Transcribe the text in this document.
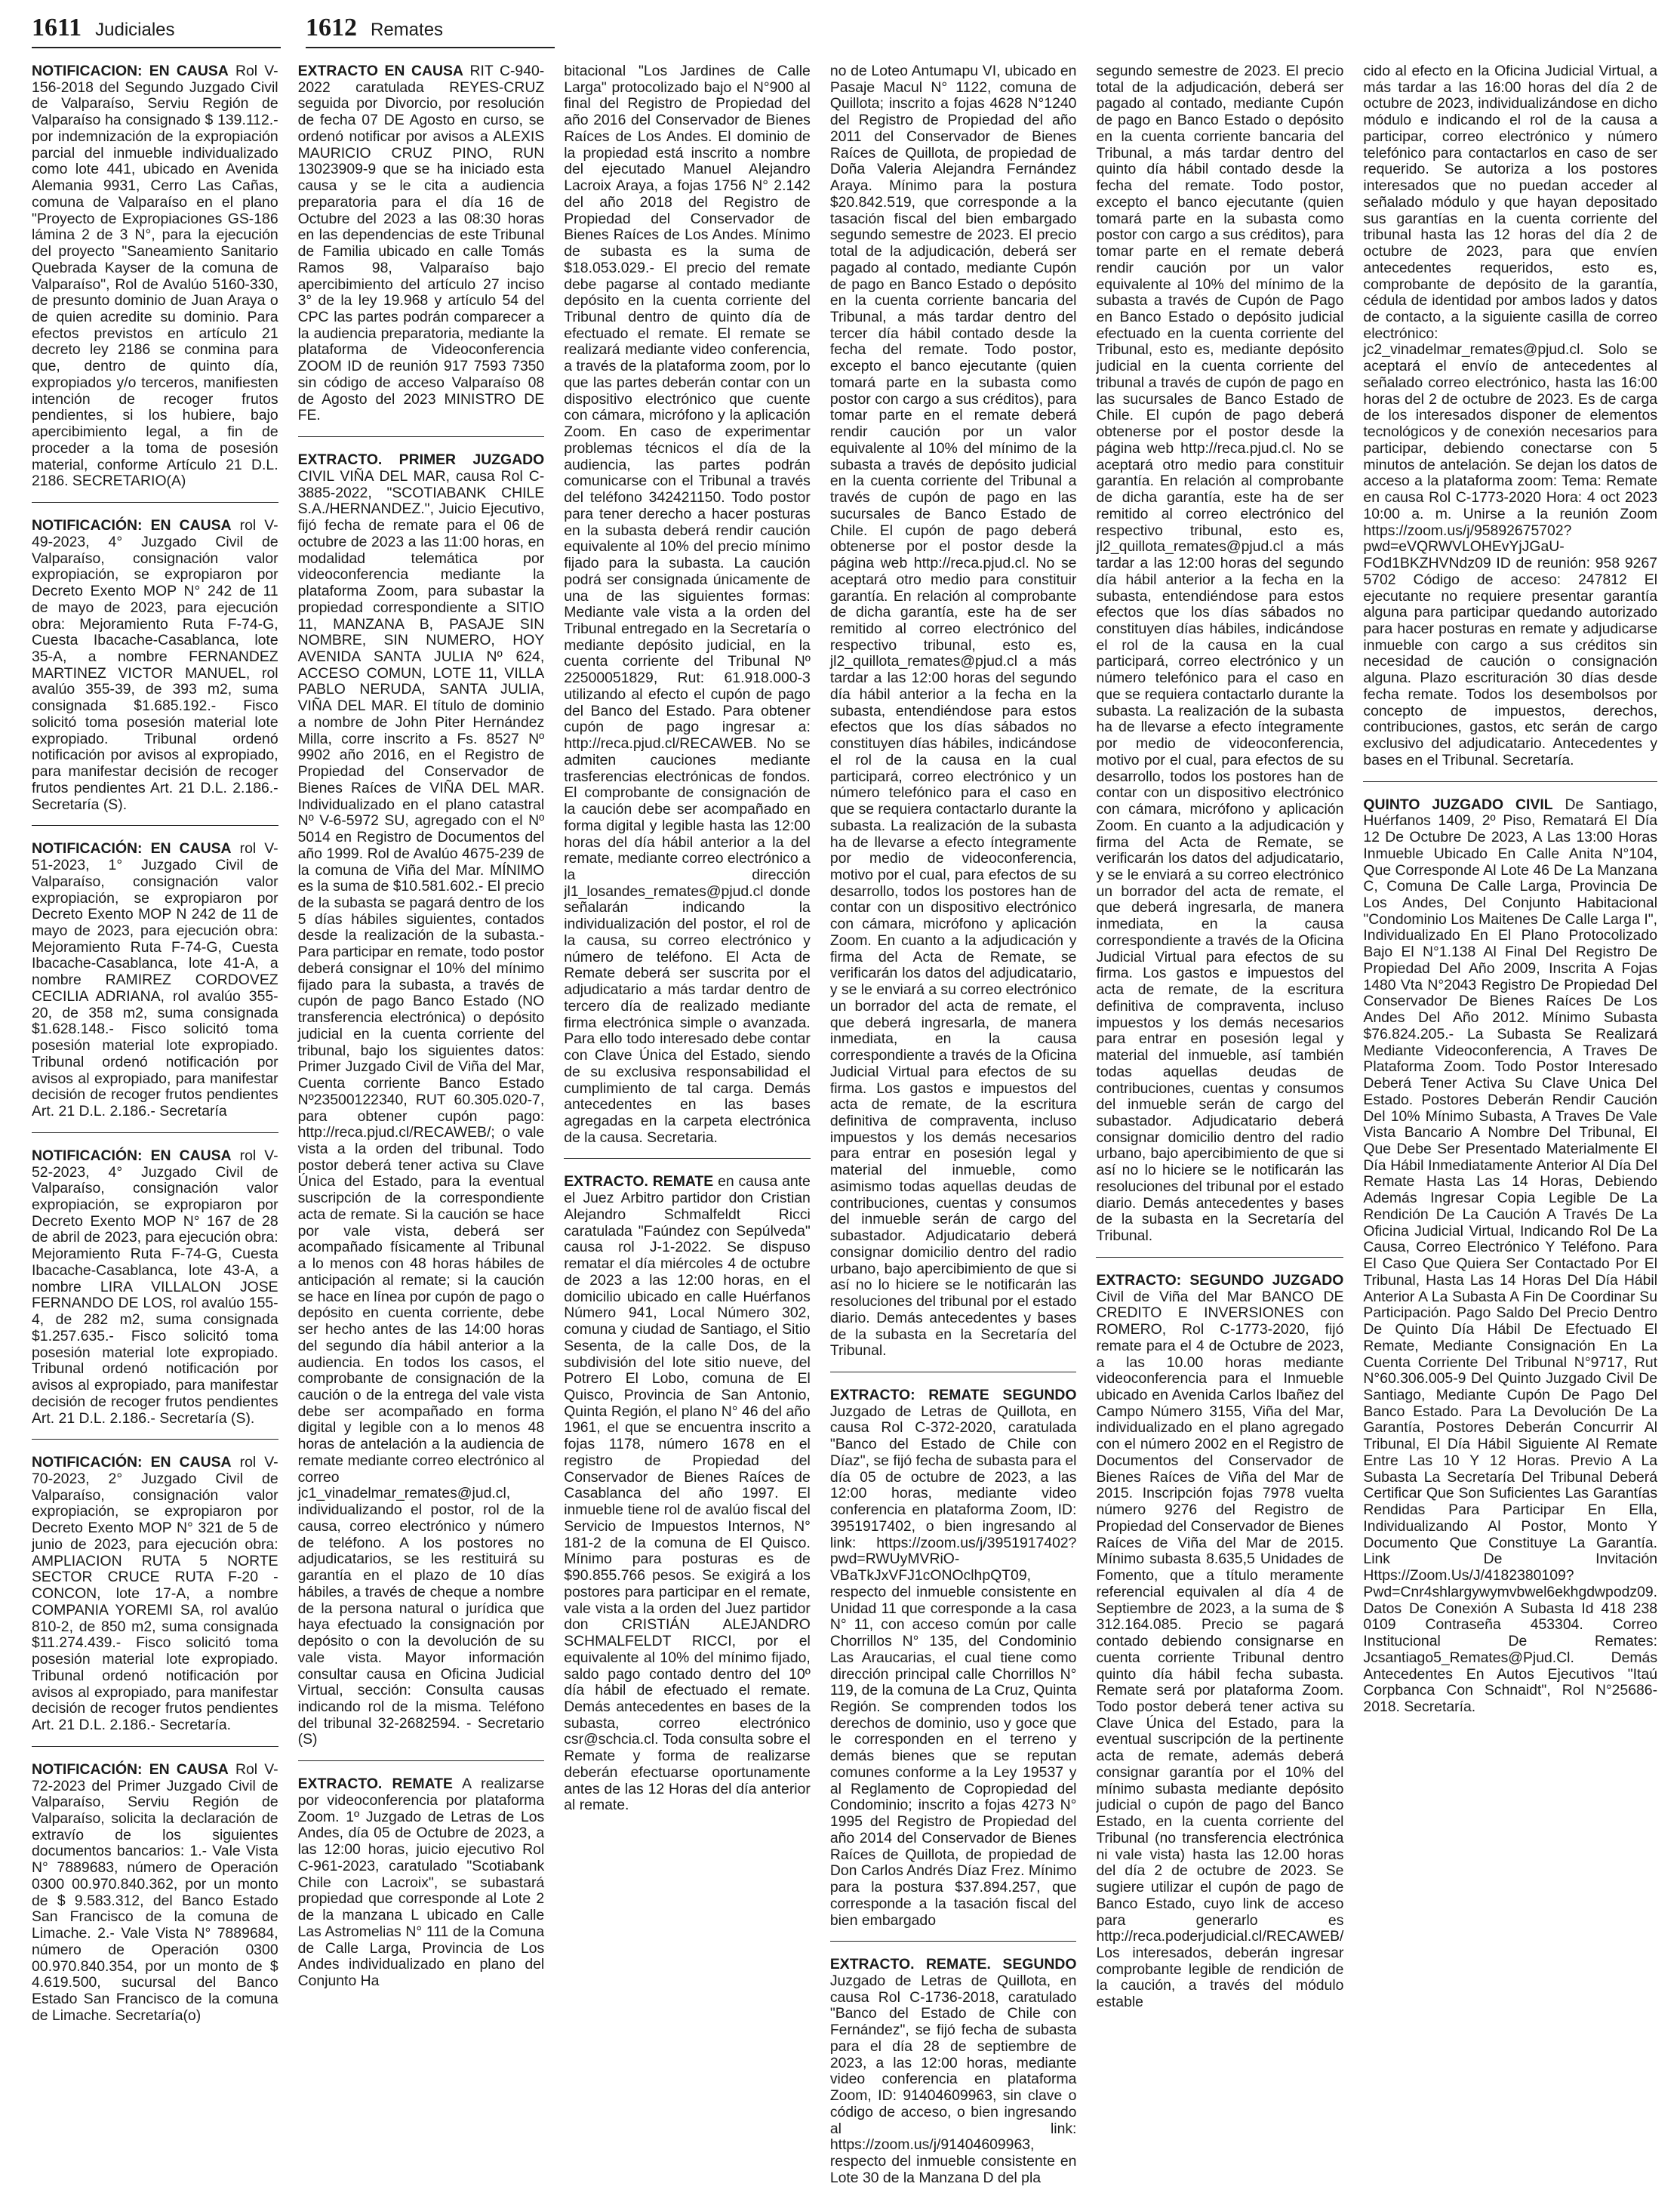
1611 Judiciales	1612 Remates

NOTIFICACION: EN CAUSA Rol V-156-2018 del Segundo Juzgado Civil de Valparaíso, Serviu Región de Valparaíso ha consignado $ 139.112.- por indemnización de la expropiación parcial del inmueble individualizado como lote 441, ubicado en Avenida Alemania 9931, Cerro Las Cañas, comuna de Valparaíso en el plano "Proyecto de Expropiaciones GS-186 lámina 2 de 3 N°, para la ejecución del proyecto "Saneamiento Sanitario Quebrada Kayser de la comuna de Valparaíso", Rol de Avalúo 5160-330, de presunto dominio de Juan Araya o de quien acredite su dominio. Para efectos previstos en artículo 21 decreto ley 2186 se conmina para que, dentro de quinto día, expropiados y/o terceros, manifiesten intención de recoger frutos pendientes, si los hubiere, bajo apercibimiento legal, a fin de proceder a la toma de posesión material, conforme Artículo 21 D.L. 2186. SECRETARIO(A)

NOTIFICACIÓN: EN CAUSA rol V-49-2023, 4° Juzgado Civil de Valparaíso, consignación valor expropiación, se expropiaron por Decreto Exento MOP N° 242 de 11 de mayo de 2023, para ejecución obra: Mejoramiento Ruta F-74-G, Cuesta Ibacache-Casablanca, lote 35-A, a nombre FERNANDEZ MARTINEZ VICTOR MANUEL, rol avalúo 355-39, de 393 m2, suma consignada $1.685.192.- Fisco solicitó toma posesión material lote expropiado. Tribunal ordenó notificación por avisos al expropiado, para manifestar decisión de recoger frutos pendientes Art. 21 D.L. 2.186.- Secretaría (S).

NOTIFICACIÓN: EN CAUSA rol V-51-2023, 1° Juzgado Civil de Valparaíso, consignación valor expropiación, se expropiaron por Decreto Exento MOP N 242 de 11 de mayo de 2023, para ejecución obra: Mejoramiento Ruta F-74-G, Cuesta Ibacache-Casablanca, lote 41-A, a nombre RAMIREZ CORDOVEZ CECILIA ADRIANA, rol avalúo 355-20, de 358 m2, suma consignada $1.628.148.- Fisco solicitó toma posesión material lote expropiado. Tribunal ordenó notificación por avisos al expropiado, para manifestar decisión de recoger frutos pendientes Art. 21 D.L. 2.186.- Secretaría

NOTIFICACIÓN: EN CAUSA rol V-52-2023, 4° Juzgado Civil de Valparaíso, consignación valor expropiación, se expropiaron por Decreto Exento MOP N° 167 de 28 de abril de 2023, para ejecución obra: Mejoramiento Ruta F-74-G, Cuesta Ibacache-Casablanca, lote 43-A, a nombre LIRA VILLALON JOSE FERNANDO DE LOS, rol avalúo 155-4, de 282 m2, suma consignada $1.257.635.- Fisco solicitó toma posesión material lote expropiado. Tribunal ordenó notificación por avisos al expropiado, para manifestar decisión de recoger frutos pendientes Art. 21 D.L. 2.186.- Secretaría (S).

NOTIFICACIÓN: EN CAUSA rol V-70-2023, 2° Juzgado Civil de Valparaíso, consignación valor expropiación, se expropiaron por Decreto Exento MOP N° 321 de 5 de junio de 2023, para ejecución obra: AMPLIACION RUTA 5 NORTE SECTOR CRUCE RUTA F-20 - CONCON, lote 17-A, a nombre COMPANIA YOREMI SA, rol avalúo 810-2, de 850 m2, suma consignada $11.274.439.- Fisco solicitó toma posesión material lote expropiado. Tribunal ordenó notificación por avisos al expropiado, para manifestar decisión de recoger frutos pendientes Art. 21 D.L. 2.186.- Secretaría.

NOTIFICACIÓN: EN CAUSA Rol V-72-2023 del Primer Juzgado Civil de Valparaíso, Serviu Región de Valparaíso, solicita la declaración de extravío de los siguientes documentos bancarios: 1.- Vale Vista N° 7889683, número de Operación 0300 00.970.840.362, por un monto de $ 9.583.312, del Banco Estado San Francisco de la comuna de Limache. 2.- Vale Vista N° 7889684, número de Operación 0300 00.970.840.354, por un monto de $ 4.619.500, sucursal del Banco Estado San Francisco de la comuna de Limache. Secretaría(o)

EXTRACTO EN CAUSA RIT C-940-2022 caratulada REYES-CRUZ seguida por Divorcio, por resolución de fecha 07 DE Agosto en curso, se ordenó notificar por avisos a ALEXIS MAURICIO CRUZ PINO, RUN 13023909-9 que se ha iniciado esta causa y se le cita a audiencia preparatoria para el día 16 de Octubre del 2023 a las 08:30 horas en las dependencias de este Tribunal de Familia ubicado en calle Tomás Ramos 98, Valparaíso bajo apercibimiento del artículo 27 inciso 3° de la ley 19.968 y artículo 54 del CPC las partes podrán comparecer a la audiencia preparatoria, mediante la plataforma de Videoconferencia ZOOM ID de reunión 917 7593 7350 sin código de acceso Valparaíso 08 de Agosto del 2023 MINISTRO DE FE.

EXTRACTO. PRIMER JUZGADO CIVIL VIÑA DEL MAR, causa Rol C-3885-2022, "SCOTIABANK CHILE S.A./HERNANDEZ.", Juicio Ejecutivo, fijó fecha de remate para el 06 de octubre de 2023 a las 11:00 horas, en modalidad telemática por videoconferencia mediante la plataforma Zoom, para subastar la propiedad correspondiente a SITIO 11, MANZANA B, PASAJE SIN NOMBRE, SIN NUMERO, HOY AVENIDA SANTA JULIA Nº 624, ACCESO COMUN, LOTE 11, VILLA PABLO NERUDA, SANTA JULIA, VIÑA DEL MAR. El título de dominio a nombre de John Piter Hernández Milla, corre inscrito a Fs. 8527 Nº 9902 año 2016, en el Registro de Propiedad del Conservador de Bienes Raíces de VIÑA DEL MAR. Individualizado en el plano catastral Nº V-6-5972 SU, agregado con el Nº 5014 en Registro de Documentos del año 1999. Rol de Avalúo 4675-239 de la comuna de Viña del Mar. MÍNIMO es la suma de $10.581.602.- El precio de la subasta se pagará dentro de los 5 días hábiles siguientes, contados desde la realización de la subasta.- Para participar en remate, todo postor deberá consignar el 10% del mínimo fijado para la subasta, a través de cupón de pago Banco Estado (NO transferencia electrónica) o depósito judicial en la cuenta corriente del tribunal, bajo los siguientes datos: Primer Juzgado Civil de Viña del Mar, Cuenta corriente Banco Estado Nº23500122340, RUT 60.305.020-7, para obtener cupón pago: http://reca.pjud.cl/RECAWEB/; o vale vista a la orden del tribunal. Todo postor deberá tener activa su Clave Única del Estado, para la eventual suscripción de la correspondiente acta de remate. Si la caución se hace por vale vista, deberá ser acompañado físicamente al Tribunal a lo menos con 48 horas hábiles de anticipación al remate; si la caución se hace en línea por cupón de pago o depósito en cuenta corriente, debe ser hecho antes de las 14:00 horas del segundo día hábil anterior a la audiencia. En todos los casos, el comprobante de consignación de la caución o de la entrega del vale vista debe ser acompañado en forma digital y legible con a lo menos 48 horas de antelación a la audiencia de remate mediante correo electrónico al correo jc1_vinadelmar_remates@jud.cl, individualizando el postor, rol de la causa, correo electrónico y número de teléfono. A los postores no adjudicatarios, se les restituirá su garantía en el plazo de 10 días hábiles, a través de cheque a nombre de la persona natural o jurídica que haya efectuado la consignación por depósito o con la devolución de su vale vista. Mayor información consultar causa en Oficina Judicial Virtual, sección: Consulta causas indicando rol de la misma. Teléfono del tribunal 32-2682594. - Secretario (S)

EXTRACTO. REMATE A realizarse por videoconferencia por plataforma Zoom. 1º Juzgado de Letras de Los Andes, día 05 de Octubre de 2023, a las 12:00 horas, juicio ejecutivo Rol C-961-2023, caratulado "Scotiabank Chile con Lacroix", se subastará propiedad que corresponde al Lote 2 de la manzana L ubicado en Calle Las Astromelias N° 111 de la Comuna de Calle Larga, Provincia de Los Andes individualizado en plano del Conjunto Ha

bitacional "Los Jardines de Calle Larga" protocolizado bajo el N°900 al final del Registro de Propiedad del año 2016 del Conservador de Bienes Raíces de Los Andes. El dominio de la propiedad está inscrito a nombre del ejecutado Manuel Alejandro Lacroix Araya, a fojas 1756 N° 2.142 del año 2018 del Registro de Propiedad del Conservador de Bienes Raíces de Los Andes. Mínimo de subasta es la suma de $18.053.029.- El precio del remate debe pagarse al contado mediante depósito en la cuenta corriente del Tribunal dentro de quinto día de efectuado el remate. El remate se realizará mediante video conferencia, a través de la plataforma zoom, por lo que las partes deberán contar con un dispositivo electrónico que cuente con cámara, micrófono y la aplicación Zoom. En caso de experimentar problemas técnicos el día de la audiencia, las partes podrán comunicarse con el Tribunal a través del teléfono 342421150. Todo postor para tener derecho a hacer posturas en la subasta deberá rendir caución equivalente al 10% del precio mínimo fijado para la subasta. La caución podrá ser consignada únicamente de una de las siguientes formas: Mediante vale vista a la orden del Tribunal entregado en la Secretaría o mediante depósito judicial, en la cuenta corriente del Tribunal Nº 22500051829, Rut: 61.918.000-3 utilizando al efecto el cupón de pago del Banco del Estado. Para obtener cupón de pago ingresar a: http://reca.pjud.cl/RECAWEB. No se admiten cauciones mediante trasferencias electrónicas de fondos. El comprobante de consignación de la caución debe ser acompañado en forma digital y legible hasta las 12:00 horas del día hábil anterior a la del remate, mediante correo electrónico a la dirección jl1_losandes_remates@pjud.cl donde señalarán indicando la individualización del postor, el rol de la causa, su correo electrónico y número de teléfono. El Acta de Remate deberá ser suscrita por el adjudicatario a más tardar dentro de tercero día de realizado mediante firma electrónica simple o avanzada. Para ello todo interesado debe contar con Clave Única del Estado, siendo de su exclusiva responsabilidad el cumplimiento de tal carga. Demás antecedentes en las bases agregadas en la carpeta electrónica de la causa. Secretaria.

EXTRACTO. REMATE en causa ante el Juez Arbitro partidor don Cristian Alejandro Schmalfeldt Ricci caratulada "Faúndez con Sepúlveda" causa rol J-1-2022. Se dispuso rematar el día miércoles 4 de octubre de 2023 a las 12:00 horas, en el domicilio ubicado en calle Huérfanos Número 941, Local Número 302, comuna y ciudad de Santiago, el Sitio Sesenta, de la calle Dos, de la subdivisión del lote sitio nueve, del Potrero El Lobo, comuna de El Quisco, Provincia de San Antonio, Quinta Región, el plano N° 46 del año 1961, el que se encuentra inscrito a fojas 1178, número 1678 en el registro de Propiedad del Conservador de Bienes Raíces de Casablanca del año 1997. El inmueble tiene rol de avalúo fiscal del Servicio de Impuestos Internos, N° 181-2 de la comuna de El Quisco. Mínimo para posturas es de $90.855.766 pesos. Se exigirá a los postores para participar en el remate, vale vista a la orden del Juez partidor don CRISTIÁN ALEJANDRO SCHMALFELDT RICCI, por el equivalente al 10% del mínimo fijado, saldo pago contado dentro del 10º día hábil de efectuado el remate. Demás antecedentes en bases de la subasta, correo electrónico csr@schcia.cl. Toda consulta sobre el Remate y forma de realizarse deberán efectuarse oportunamente antes de las 12 Horas del día anterior al remate.

no de Loteo Antumapu VI, ubicado en Pasaje Macul N° 1122, comuna de Quillota; inscrito a fojas 4628 N°1240 del Registro de Propiedad del año 2011 del Conservador de Bienes Raíces de Quillota, de propiedad de Doña Valeria Alejandra Fernández Araya. Mínimo para la postura $20.842.519, que corresponde a la tasación fiscal del bien embargado segundo semestre de 2023. El precio total de la adjudicación, deberá ser pagado al contado, mediante Cupón de pago en Banco Estado o depósito en la cuenta corriente bancaria del Tribunal, a más tardar dentro del tercer día hábil contado desde la fecha del remate. Todo postor, excepto el banco ejecutante (quien tomará parte en la subasta como postor con cargo a sus créditos), para tomar parte en el remate deberá rendir caución por un valor equivalente al 10% del mínimo de la subasta a través de depósito judicial en la cuenta corriente del Tribunal a través de cupón de pago en las sucursales de Banco Estado de Chile. El cupón de pago deberá obtenerse por el postor desde la página web http://reca.pjud.cl. No se aceptará otro medio para constituir garantía. En relación al comprobante de dicha garantía, este ha de ser remitido al correo electrónico del respectivo tribunal, esto es, jl2_quillota_remates@pjud.cl a más tardar a las 12:00 horas del segundo día hábil anterior a la fecha en la subasta, entendiéndose para estos efectos que los días sábados no constituyen días hábiles, indicándose el rol de la causa en la cual participará, correo electrónico y un número telefónico para el caso en que se requiera contactarlo durante la subasta. La realización de la subasta ha de llevarse a efecto íntegramente por medio de videoconferencia, motivo por el cual, para efectos de su desarrollo, todos los postores han de contar con un dispositivo electrónico con cámara, micrófono y aplicación Zoom. En cuanto a la adjudicación y firma del Acta de Remate, se verificarán los datos del adjudicatario, y se le enviará a su correo electrónico un borrador del acta de remate, el que deberá ingresarla, de manera inmediata, en la causa correspondiente a través de la Oficina Judicial Virtual para efectos de su firma. Los gastos e impuestos del acta de remate, de la escritura definitiva de compraventa, incluso impuestos y los demás necesarios para entrar en posesión legal y material del inmueble, como asimismo todas aquellas deudas de contribuciones, cuentas y consumos del inmueble serán de cargo del subastador. Adjudicatario deberá consignar domicilio dentro del radio urbano, bajo apercibimiento de que si así no lo hiciere se le notificarán las resoluciones del tribunal por el estado diario. Demás antecedentes y bases de la subasta en la Secretaría del Tribunal.

EXTRACTO: REMATE SEGUNDO Juzgado de Letras de Quillota, en causa Rol C-372-2020, caratulada "Banco del Estado de Chile con Díaz", se fijó fecha de subasta para el día 05 de octubre de 2023, a las 12:00 horas, mediante video conferencia en plataforma Zoom, ID: 3951917402, o bien ingresando al link: https://zoom.us/j/3951917402?pwd=RWUyMVRiO-VBaTkJxVFJ1cONOclhpQT09, respecto del inmueble consistente en Unidad 11 que corresponde a la casa N° 11, con acceso común por calle Chorrillos N° 135, del Condominio Las Araucarias, el cual tiene como dirección principal calle Chorrillos N° 119, de la comuna de La Cruz, Quinta Región. Se comprenden todos los derechos de dominio, uso y goce que le corresponden en el terreno y demás bienes que se reputan comunes conforme a la Ley 19537 y al Reglamento de Copropiedad del Condominio; inscrito a fojas 4273 N° 1995 del Registro de Propiedad del año 2014 del Conservador de Bienes Raíces de Quillota, de propiedad de Don Carlos Andrés Díaz Frez. Mínimo para la postura $37.894.257, que corresponde a la tasación fiscal del bien embargado

EXTRACTO. REMATE. SEGUNDO Juzgado de Letras de Quillota, en causa Rol C-1736-2018, caratulado "Banco del Estado de Chile con Fernández", se fijó fecha de subasta para el día 28 de septiembre de 2023, a las 12:00 horas, mediante video conferencia en plataforma Zoom, ID: 91404609963, sin clave o código de acceso, o bien ingresando al link: https://zoom.us/j/91404609963, respecto del inmueble consistente en Lote 30 de la Manzana D del pla

segundo semestre de 2023. El precio total de la adjudicación, deberá ser pagado al contado, mediante Cupón de pago en Banco Estado o depósito en la cuenta corriente bancaria del Tribunal, a más tardar dentro del quinto día hábil contado desde la fecha del remate. Todo postor, excepto el banco ejecutante (quien tomará parte en la subasta como postor con cargo a sus créditos), para tomar parte en el remate deberá rendir caución por un valor equivalente al 10% del mínimo de la subasta a través de Cupón de Pago en Banco Estado o depósito judicial efectuado en la cuenta corriente del Tribunal, esto es, mediante depósito judicial en la cuenta corriente del tribunal a través de cupón de pago en las sucursales de Banco Estado de Chile. El cupón de pago deberá obtenerse por el postor desde la página web http://reca.pjud.cl. No se aceptará otro medio para constituir garantía. En relación al comprobante de dicha garantía, este ha de ser remitido al correo electrónico del respectivo tribunal, esto es, jl2_quillota_remates@pjud.cl a más tardar a las 12:00 horas del segundo día hábil anterior a la fecha en la subasta, entendiéndose para estos efectos que los días sábados no constituyen días hábiles, indicándose el rol de la causa en la cual participará, correo electrónico y un número telefónico para el caso en que se requiera contactarlo durante la subasta. La realización de la subasta ha de llevarse a efecto íntegramente por medio de videoconferencia, motivo por el cual, para efectos de su desarrollo, todos los postores han de contar con un dispositivo electrónico con cámara, micrófono y aplicación Zoom. En cuanto a la adjudicación y firma del Acta de Remate, se verificarán los datos del adjudicatario, y se le enviará a su correo electrónico un borrador del acta de remate, el que deberá ingresarla, de manera inmediata, en la causa correspondiente a través de la Oficina Judicial Virtual para efectos de su firma. Los gastos e impuestos del acta de remate, de la escritura definitiva de compraventa, incluso impuestos y los demás necesarios para entrar en posesión legal y material del inmueble, así también todas aquellas deudas de contribuciones, cuentas y consumos del inmueble serán de cargo del subastador. Adjudicatario deberá consignar domicilio dentro del radio urbano, bajo apercibimiento de que si así no lo hiciere se le notificarán las resoluciones del tribunal por el estado diario. Demás antecedentes y bases de la subasta en la Secretaría del Tribunal.

EXTRACTO: SEGUNDO JUZGADO Civil de Viña del Mar BANCO DE CREDITO E INVERSIONES con ROMERO, Rol C-1773-2020, fijó remate para el 4 de Octubre de 2023, a las 10.00 horas mediante videoconferencia para el Inmueble ubicado en Avenida Carlos Ibañez del Campo Número 3155, Viña del Mar, individualizado en el plano agregado con el número 2002 en el Registro de Documentos del Conservador de Bienes Raíces de Viña del Mar de 2015. Inscripción fojas 7978 vuelta número 9276 del Registro de Propiedad del Conservador de Bienes Raíces de Viña del Mar de 2015. Mínimo subasta 8.635,5 Unidades de Fomento, que a título meramente referencial equivalen al día 4 de Septiembre de 2023, a la suma de $ 312.164.085. Precio se pagará contado debiendo consignarse en cuenta corriente Tribunal dentro quinto día hábil fecha subasta. Remate será por plataforma Zoom. Todo postor deberá tener activa su Clave Única del Estado, para la eventual suscripción de la pertinente acta de remate, además deberá consignar garantía por el 10% del mínimo subasta mediante depósito judicial o cupón de pago del Banco Estado, en la cuenta corriente del Tribunal (no transferencia electrónica ni vale vista) hasta las 12.00 horas del día 2 de octubre de 2023. Se sugiere utilizar el cupón de pago de Banco Estado, cuyo link de acceso para generarlo es http://reca.poderjudicial.cl/RECAWEB/ Los interesados, deberán ingresar comprobante legible de rendición de la caución, a través del módulo estable

cido al efecto en la Oficina Judicial Virtual, a más tardar a las 16:00 horas del día 2 de octubre de 2023, individualizándose en dicho módulo e indicando el rol de la causa a participar, correo electrónico y número telefónico para contactarlos en caso de ser requerido. Se autoriza a los postores interesados que no puedan acceder al señalado módulo y que hayan depositado sus garantías en la cuenta corriente del tribunal hasta las 12 horas del día 2 de octubre de 2023, para que envíen antecedentes requeridos, esto es, comprobante de depósito de la garantía, cédula de identidad por ambos lados y datos de contacto, a la siguiente casilla de correo electrónico: jc2_vinadelmar_remates@pjud.cl. Solo se aceptará el envío de antecedentes al señalado correo electrónico, hasta las 16:00 horas del 2 de octubre de 2023. Es de carga de los interesados disponer de elementos tecnológicos y de conexión necesarios para participar, debiendo conectarse con 5 minutos de antelación. Se dejan los datos de acceso a la plataforma zoom: Tema: Remate en causa Rol C-1773-2020 Hora: 4 oct 2023 10:00 a. m. Unirse a la reunión Zoom https://zoom.us/j/95892675702?pwd=eVQRWVLOHEvYjJGaU-FOd1BKZHVNdz09 ID de reunión: 958 9267 5702 Código de acceso: 247812 El ejecutante no requiere presentar garantía alguna para participar quedando autorizado para hacer posturas en remate y adjudicarse inmueble con cargo a sus créditos sin necesidad de caución o consignación alguna. Plazo escrituración 30 días desde fecha remate. Todos los desembolsos por concepto de impuestos, derechos, contribuciones, gastos, etc serán de cargo exclusivo del adjudicatario. Antecedentes y bases en el Tribunal. Secretaría.

QUINTO JUZGADO CIVIL De Santiago, Huérfanos 1409, 2º Piso, Rematará El Día 12 De Octubre De 2023, A Las 13:00 Horas Inmueble Ubicado En Calle Anita N°104, Que Corresponde Al Lote 46 De La Manzana C, Comuna De Calle Larga, Provincia De Los Andes, Del Conjunto Habitacional "Condominio Los Maitenes De Calle Larga I", Individualizado En El Plano Protocolizado Bajo El N°1.138 Al Final Del Registro De Propiedad Del Año 2009, Inscrita A Fojas 1480 Vta N°2043 Registro De Propiedad Del Conservador De Bienes Raíces De Los Andes Del Año 2012. Mínimo Subasta $76.824.205.- La Subasta Se Realizará Mediante Videoconferencia, A Traves De Plataforma Zoom. Todo Postor Interesado Deberá Tener Activa Su Clave Unica Del Estado. Postores Deberán Rendir Caución Del 10% Mínimo Subasta, A Traves De Vale Vista Bancario A Nombre Del Tribunal, El Que Debe Ser Presentado Materialmente El Día Hábil Inmediatamente Anterior Al Día Del Remate Hasta Las 14 Horas, Debiendo Además Ingresar Copia Legible De La Rendición De La Caución A Través De La Oficina Judicial Virtual, Indicando Rol De La Causa, Correo Electrónico Y Teléfono. Para El Caso Que Quiera Ser Contactado Por El Tribunal, Hasta Las 14 Horas Del Día Hábil Anterior A La Subasta A Fin De Coordinar Su Participación. Pago Saldo Del Precio Dentro De Quinto Día Hábil De Efectuado El Remate, Mediante Consignación En La Cuenta Corriente Del Tribunal N°9717, Rut N°60.306.005-9 Del Quinto Juzgado Civil De Santiago, Mediante Cupón De Pago Del Banco Estado. Para La Devolución De La Garantía, Postores Deberán Concurrir Al Tribunal, El Día Hábil Siguiente Al Remate Entre Las 10 Y 12 Horas. Previo A La Subasta La Secretaría Del Tribunal Deberá Certificar Que Son Suficientes Las Garantías Rendidas Para Participar En Ella, Individualizando Al Postor, Monto Y Documento Que Constituye La Garantía. Link De Invitación Https://Zoom.Us/J/4182380109?Pwd=Cnr4shlargywymvbwel6ekhgdwpodz09. Datos De Conexión A Subasta Id 418 238 0109 Contraseña 453304. Correo Institucional De Remates: Jcsantiago5_Remates@Pjud.Cl. Demás Antecedentes En Autos Ejecutivos "Itaú Corpbanca Con Schnaidt", Rol N°25686-2018. Secretaría.
